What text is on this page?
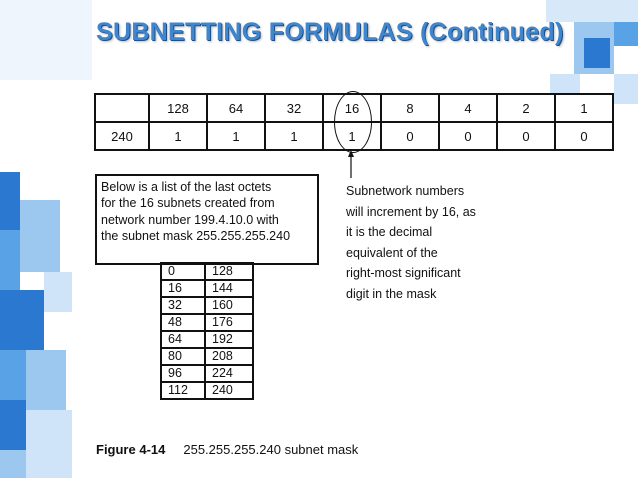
SUBNETTING FORMULAS (Continued)
	128	64	32	16	8	4	2	1
240	1	1	1	1	0	0	0	0
Below is a list of the last octets
for the 16 subnets created from
network number 199.4.10.0 with
the subnet mask 255.255.255.240
Subnetwork numbers
will increment by 16, as
it is the decimal
equivalent of the
right-most significant
digit in the mask
0	128
16	144
32	160
48	176
64	192
80	208
96	224
112	240
Figure 4-14 255.255.255.240 subnet mask
